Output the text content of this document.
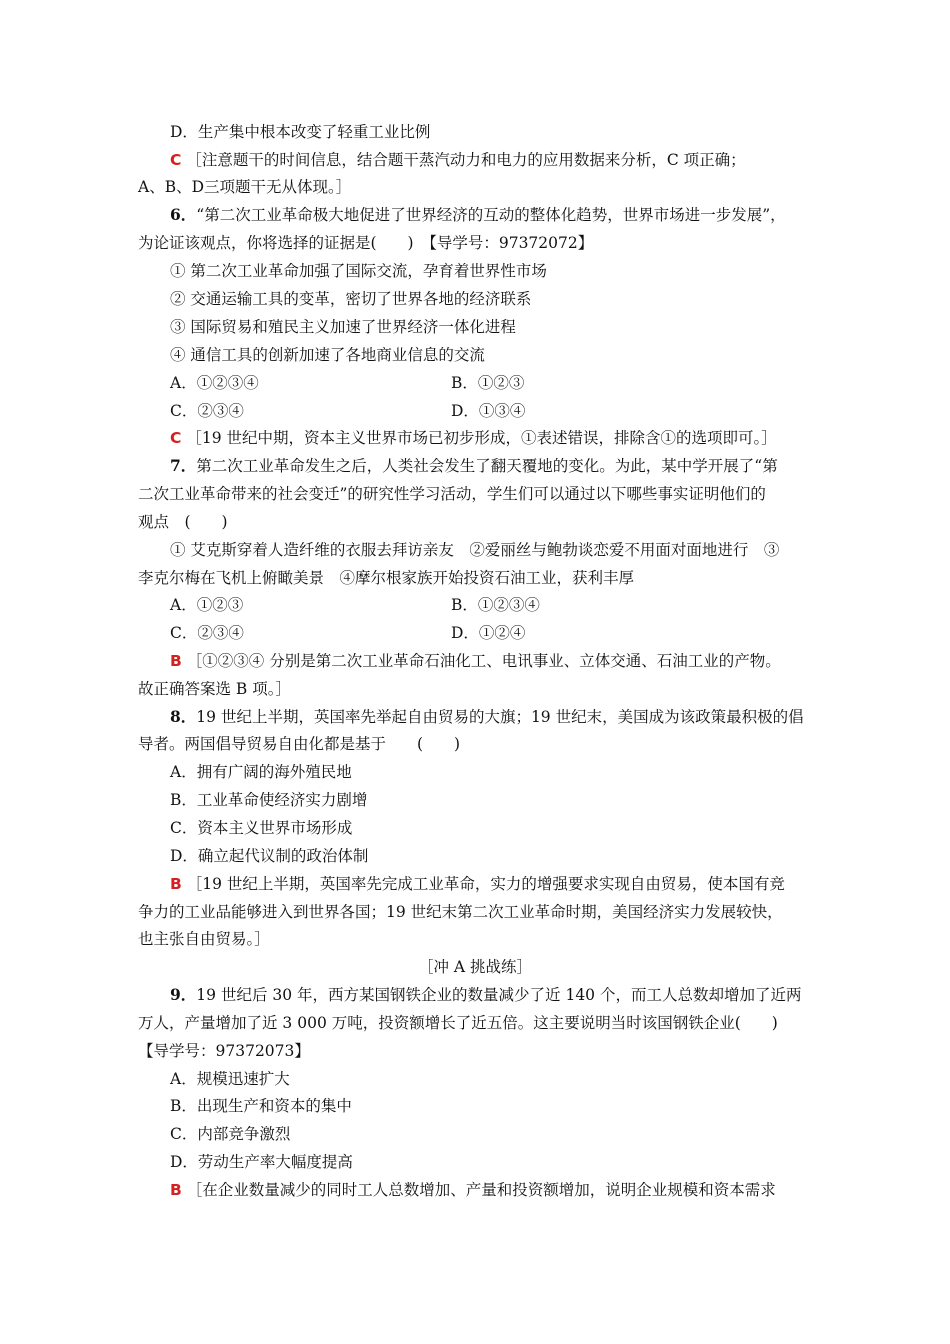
D．生产集中根本改变了轻重工业比例
C ［注意题干的时间信息，结合题干蒸汽动力和电力的应用数据来分析，C 项正确；
A、B、D三项题干无从体现。］
6．“第二次工业革命极大地促进了世界经济的互动的整体化趋势，世界市场进一步发展”，
为论证该观点，你将选择的证据是(　　)　【导学号：97372072】
① 第二次工业革命加强了国际交流，孕育着世界性市场
② 交通运输工具的变革，密切了世界各地的经济联系
③ 国际贸易和殖民主义加速了世界经济一体化进程
④ 通信工具的创新加速了各地商业信息的交流
A．①②③④	B．①②③
C．②③④	D．①③④
C ［19 世纪中期，资本主义世界市场已初步形成，①表述错误，排除含①的选项即可。］
7．第二次工业革命发生之后，人类社会发生了翻天覆地的变化。为此，某中学开展了“第
二次工业革命带来的社会变迁”的研究性学习活动，学生们可以通过以下哪些事实证明他们的
观点　(　　)
① 艾克斯穿着人造纤维的衣服去拜访亲友　②爱丽丝与鲍勃谈恋爱不用面对面地进行　③
李克尔梅在飞机上俯瞰美景　④摩尔根家族开始投资石油工业，获利丰厚
A．①②③	B．①②③④
C．②③④	D．①②④
B ［①②③④ 分别是第二次工业革命石油化工、电讯事业、立体交通、石油工业的产物。
故正确答案选 B 项。］
8．19 世纪上半期，英国率先举起自由贸易的大旗；19 世纪末，美国成为该政策最积极的倡
导者。两国倡导贸易自由化都是基于　　(　　)
A．拥有广阔的海外殖民地
B．工业革命使经济实力剧增
C．资本主义世界市场形成
D．确立起代议制的政治体制
B ［19 世纪上半期，英国率先完成工业革命，实力的增强要求实现自由贸易，使本国有竞
争力的工业品能够进入到世界各国；19 世纪末第二次工业革命时期，美国经济实力发展较快，
也主张自由贸易。］
［冲 A 挑战练］
9．19 世纪后 30 年，西方某国钢铁企业的数量减少了近 140 个，而工人总数却增加了近两
万人，产量增加了近 3 000 万吨，投资额增长了近五倍。这主要说明当时该国钢铁企业(　　)
【导学号：97372073】
A．规模迅速扩大
B．出现生产和资本的集中
C．内部竞争激烈
D．劳动生产率大幅度提高
B ［在企业数量减少的同时工人总数增加、产量和投资额增加，说明企业规模和资本需求
